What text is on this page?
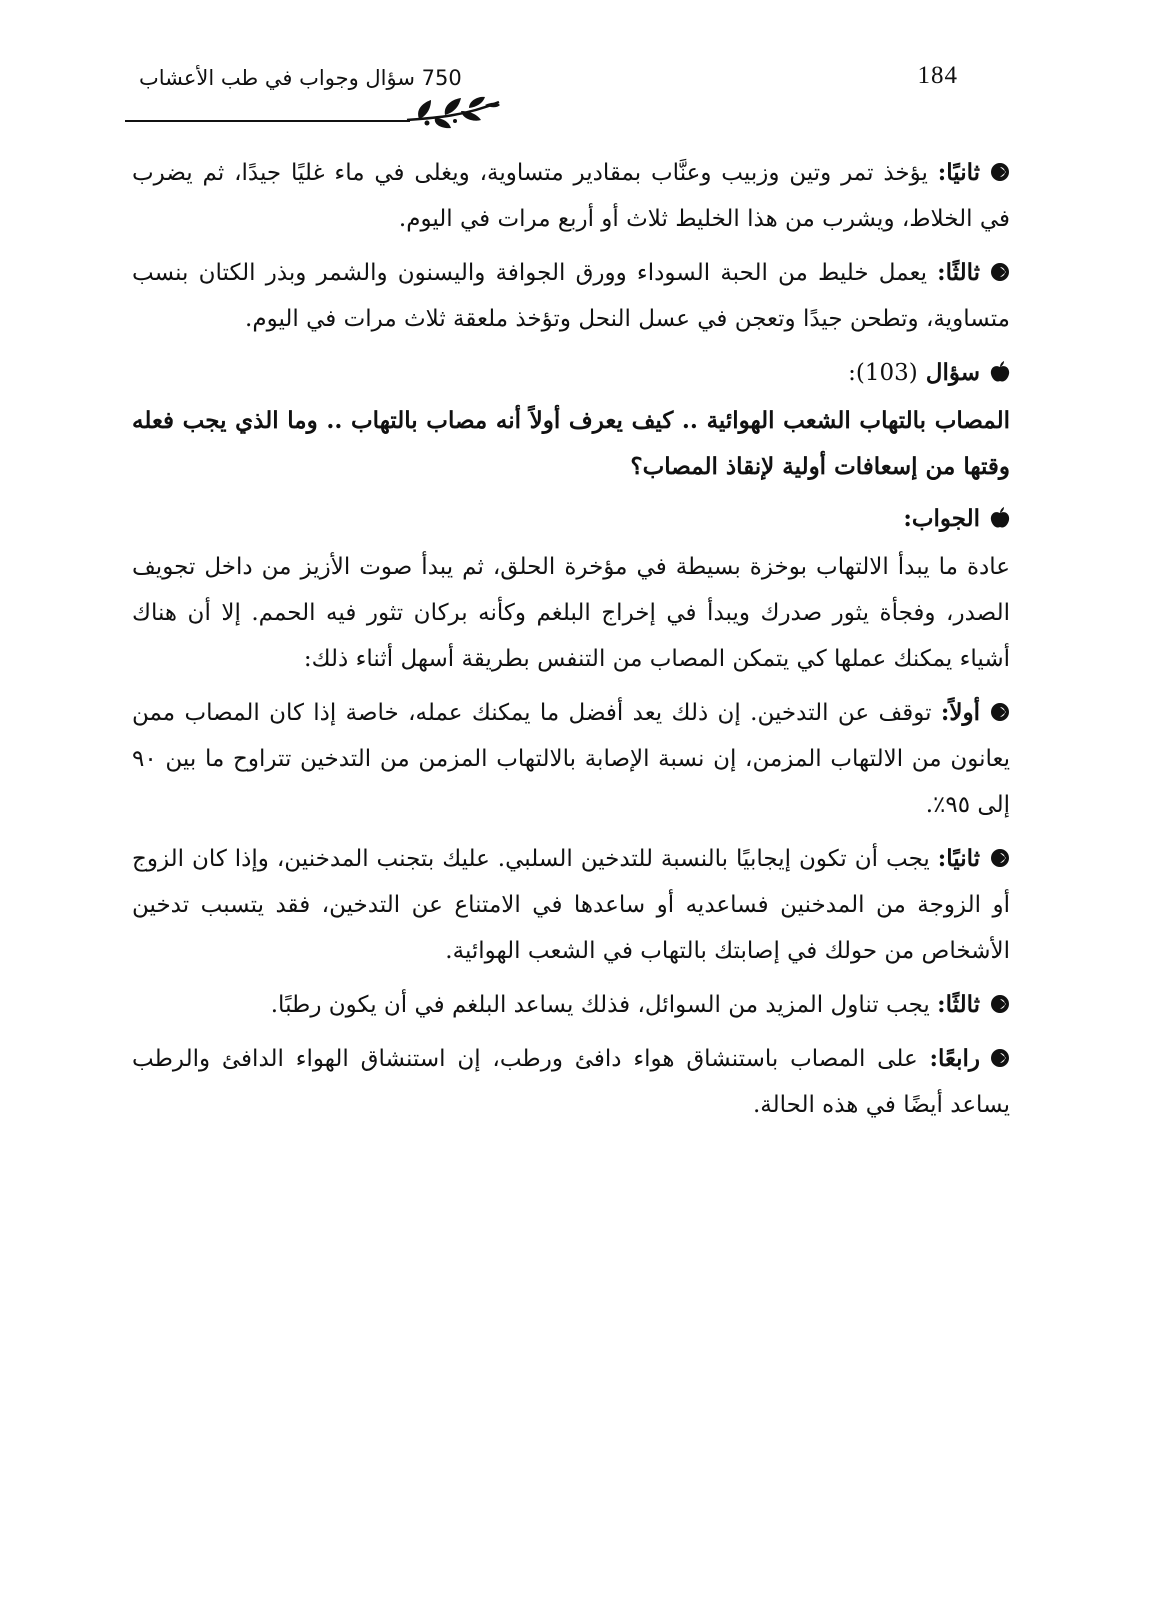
184
750 سؤال وجواب في طب الأعشاب

ثانيًا: يؤخذ تمر وتين وزبيب وعنَّاب بمقادير متساوية، ويغلى في ماء غليًا جيدًا، ثم يضرب في الخلاط، ويشرب من هذا الخليط ثلاث أو أربع مرات في اليوم.

ثالثًا: يعمل خليط من الحبة السوداء وورق الجوافة واليسنون والشمر وبذر الكتان بنسب متساوية، وتطحن جيدًا وتعجن في عسل النحل وتؤخذ ملعقة ثلاث مرات في اليوم.

سؤال (103):

المصاب بالتهاب الشعب الهوائية .. كيف يعرف أولاً أنه مصاب بالتهاب .. وما الذي يجب فعله وقتها من إسعافات أولية لإنقاذ المصاب؟

الجواب:

عادة ما يبدأ الالتهاب بوخزة بسيطة في مؤخرة الحلق، ثم يبدأ صوت الأزيز من داخل تجويف الصدر، وفجأة يثور صدرك ويبدأ في إخراج البلغم وكأنه بركان تثور فيه الحمم. إلا أن هناك أشياء يمكنك عملها كي يتمكن المصاب من التنفس بطريقة أسهل أثناء ذلك:

أولاً: توقف عن التدخين. إن ذلك يعد أفضل ما يمكنك عمله، خاصة إذا كان المصاب ممن يعانون من الالتهاب المزمن، إن نسبة الإصابة بالالتهاب المزمن من التدخين تتراوح ما بين ٩٠ إلى ٩٥٪.

ثانيًا: يجب أن تكون إيجابيًا بالنسبة للتدخين السلبي. عليك بتجنب المدخنين، وإذا كان الزوج أو الزوجة من المدخنين فساعديه أو ساعدها في الامتناع عن التدخين، فقد يتسبب تدخين الأشخاص من حولك في إصابتك بالتهاب في الشعب الهوائية.

ثالثًا: يجب تناول المزيد من السوائل، فذلك يساعد البلغم في أن يكون رطبًا.

رابعًا: على المصاب باستنشاق هواء دافئ ورطب، إن استنشاق الهواء الدافئ والرطب يساعد أيضًا في هذه الحالة.
